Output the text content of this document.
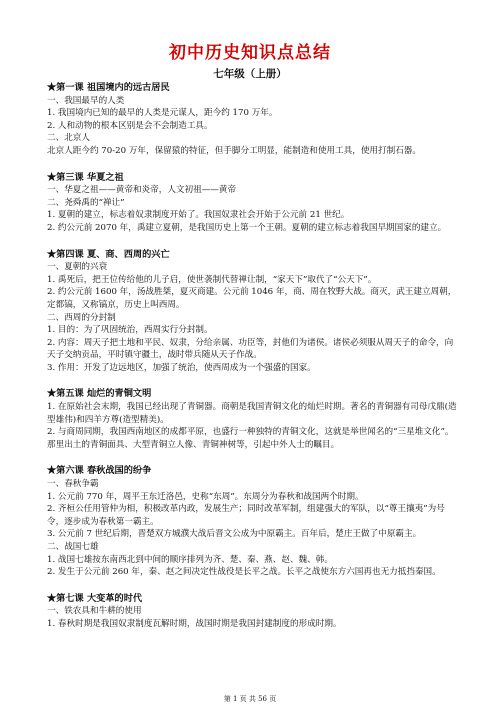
初中历史知识点总结
七年级（上册）

★第一课 祖国境内的远古居民

一、我国最早的人类

1. 我国境内已知的最早的人类是元谋人，距今约 170 万年。

2. 人和动物的根本区别是会不会制造工具。

二、北京人

北京人距今约 70-20 万年，保留猿的特征，但手脚分工明显，能制造和使用工具，使用打制石器。

★第三课 华夏之祖

一、华夏之祖——黄帝和炎帝，人文初祖——黄帝

二、尧舜禹的“禅让”

1. 夏朝的建立，标志着奴隶制度开始了。我国奴隶社会开始于公元前 21 世纪。

2. 约公元前 2070 年，禹建立夏朝，是我国历史上第一个王朝。夏朝的建立标志着我国早期国家的建立。

★第四课 夏、商、西周的兴亡

一、夏朝的兴衰

1. 禹死后，把王位传给他的儿子启，使世袭制代替禅让制，“家天下”取代了“公天下”。

2. 约公元前 1600 年，汤战胜桀，夏灭商建。公元前 1046 年，商、周在牧野大战。商灭，武王建立周朝，定都镐，又称镐京，历史上叫西周。

二、西周的分封制

1. 目的：为了巩固统治，西周实行分封制。

2. 内容：周天子把土地和平民、奴隶，分给亲属、功臣等，封他们为诸侯。诸侯必须服从周天子的命令，向天子交纳贡品，平时镇守疆土，战时带兵随从天子作战。

3. 作用：开发了边远地区，加强了统治，使西周成为一个强盛的国家。

★第五课 灿烂的青铜文明

1. 在原始社会末期，我国已经出现了青铜器。商朝是我国青铜文化的灿烂时期。著名的青铜器有司母戊鼎(造型雄伟)和四羊方尊(造型精美)。

2. 与商周同期，我国西南地区的成都平原，也盛行一种独特的青铜文化，这就是举世闻名的“三星堆文化”。那里出土的青铜面具、大型青铜立人像、青铜神树等，引起中外人士的瞩目。

★第六课 春秋战国的纷争

一、春秋争霸

1. 公元前 770 年，周平王东迁洛邑，史称“东周”。东周分为春秋和战国两个时期。

2. 齐桓公任用管仲为相，积极改革内政，发展生产；同时改革军制，组建强大的军队，以“尊王攘夷”为号令，逐步成为春秋第一霸主。

3. 公元前 7 世纪后期，晋楚双方城濮大战后晋文公成为中原霸主。百年后，楚庄王做了中原霸主。

二、战国七雄

1. 战国七雄按东南西北到中间的顺序排列为齐、楚、秦、燕、赵、魏、韩。

2. 发生于公元前 260 年，秦、赵之间决定性战役是长平之战。长平之战使东方六国再也无力抵挡秦国。

★第七课 大变革的时代

一、铁农具和牛耕的使用

1. 春秋时期是我国奴隶制度瓦解时期，战国时期是我国封建制度的形成时期。

第 1 页 共 56 页
